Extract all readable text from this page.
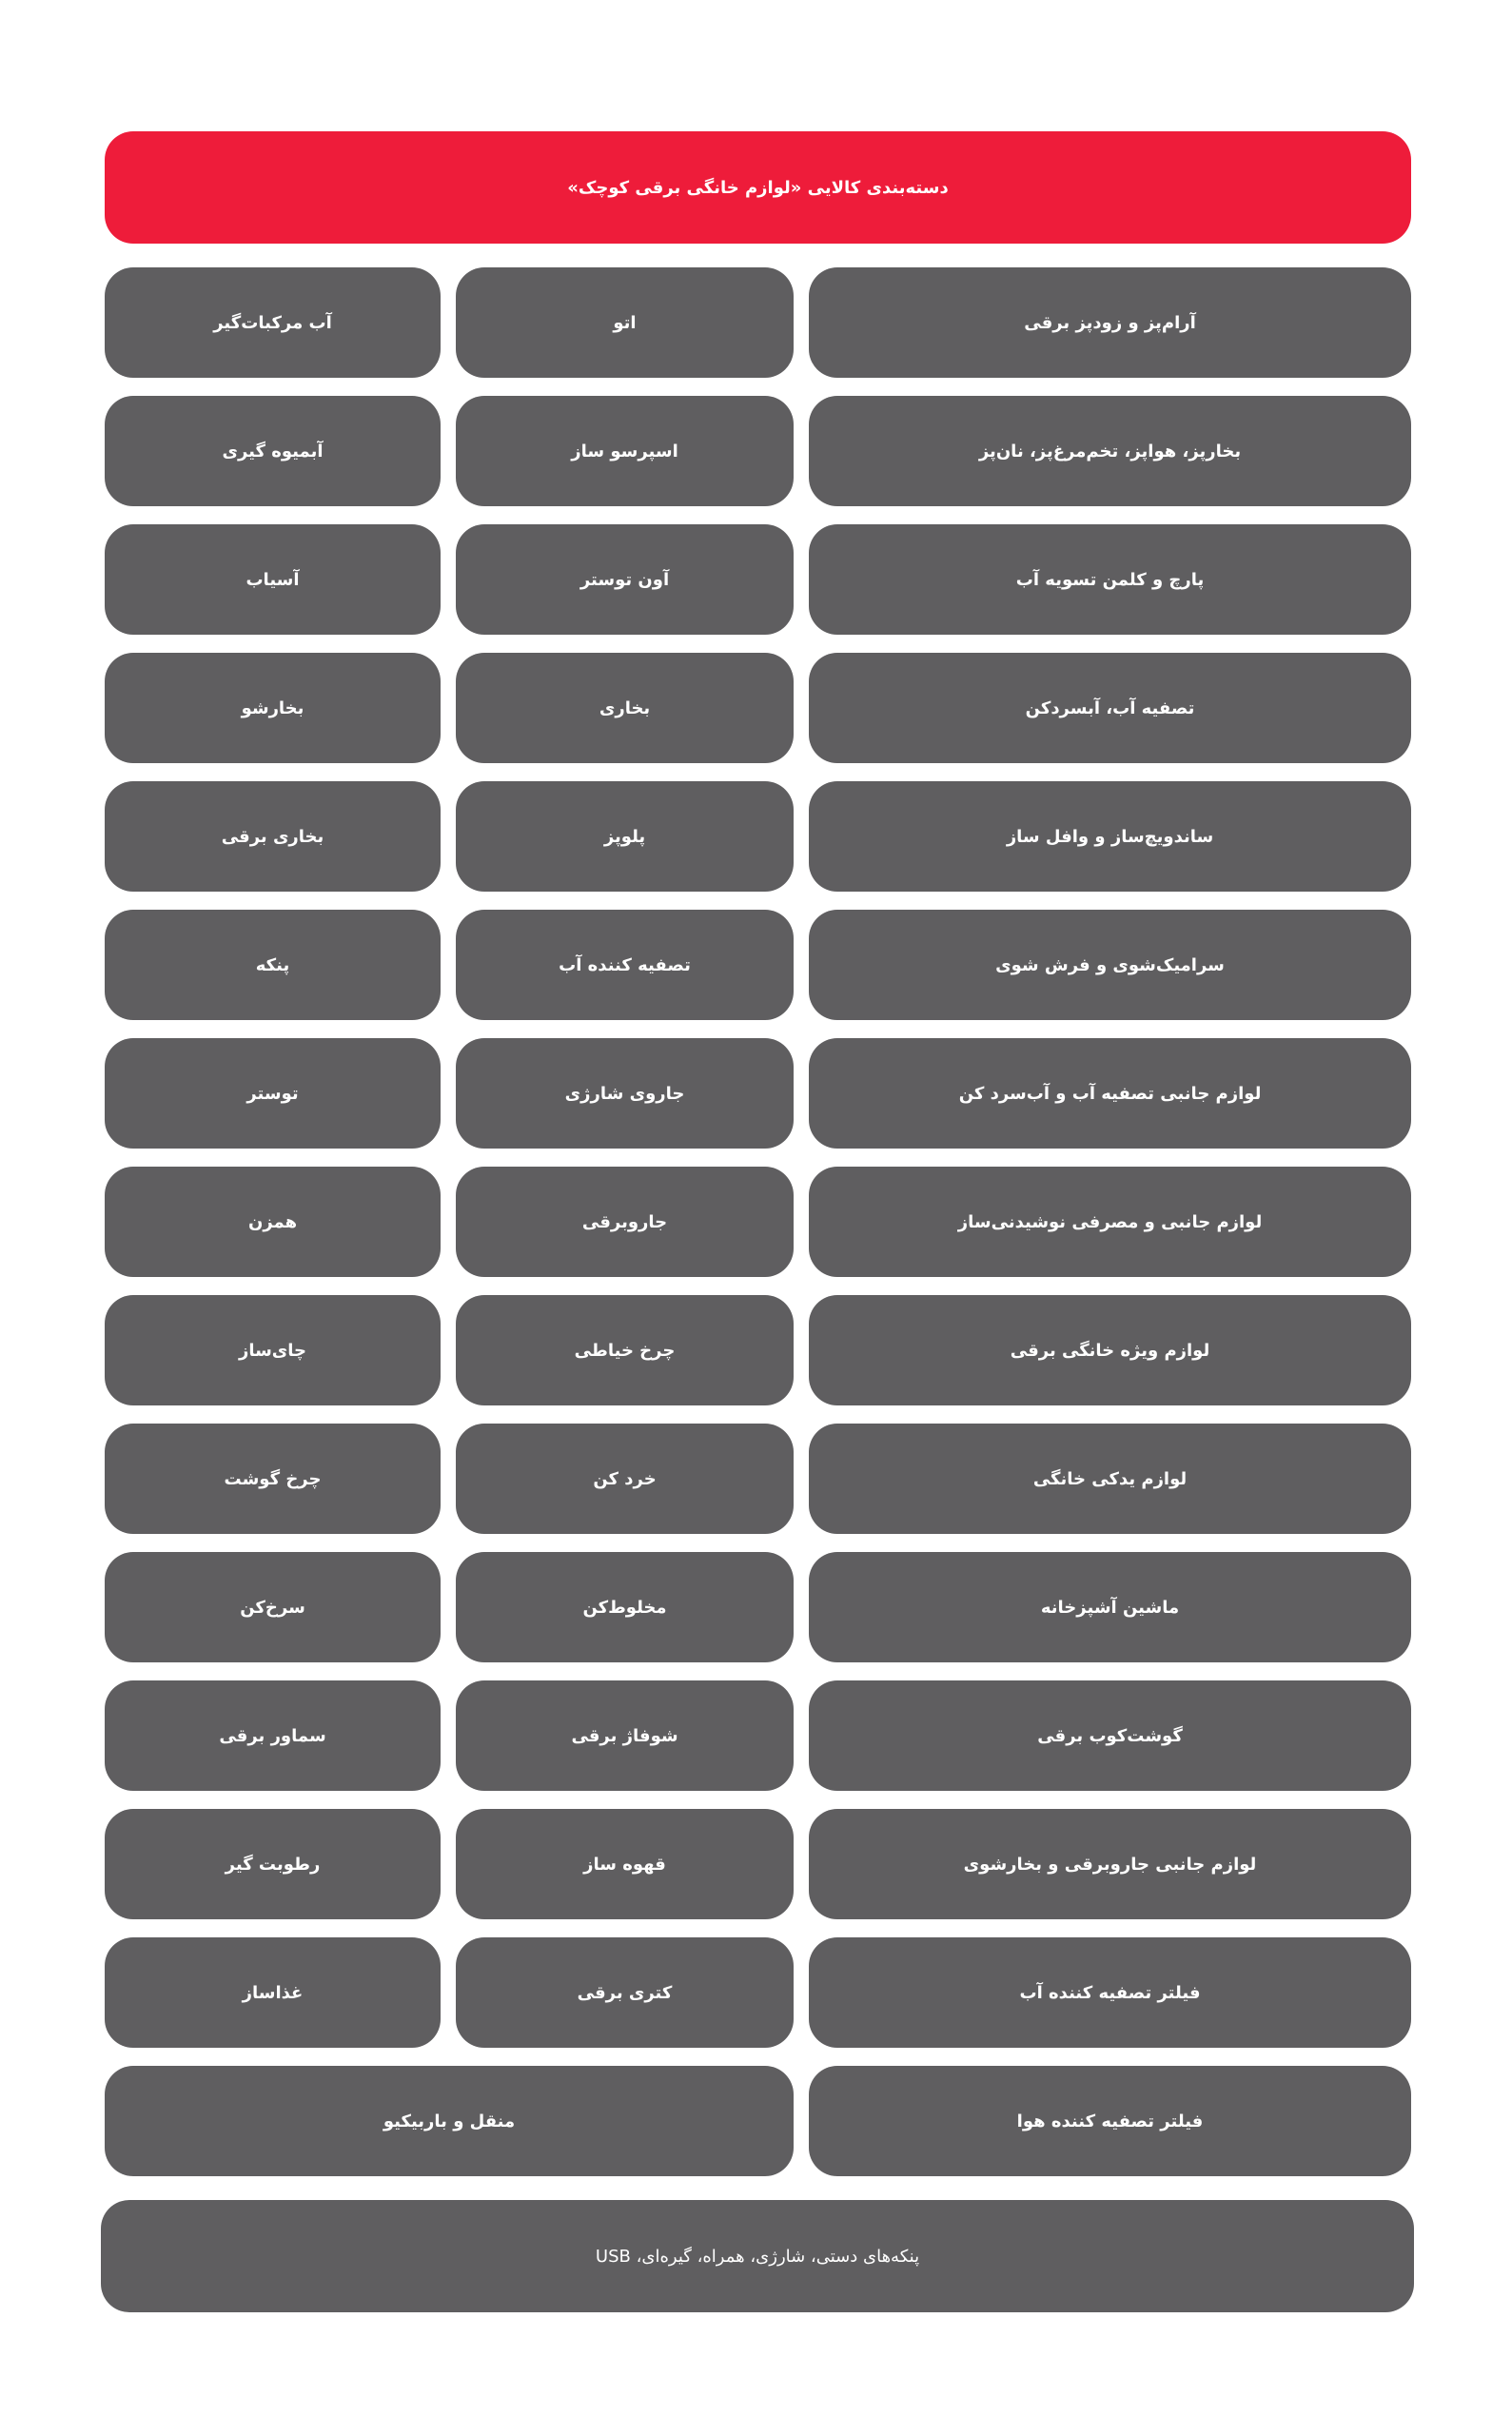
دسته‌بندی کالایی «لوازم خانگی برقی کوچک»
آرام‌پز و زودپز برقی
اتو
آب مرکبات‌گیر
بخارپز، هواپز، تخم‌مرغ‌پز، نان‌پز
اسپرسو ساز
آبمیوه گیری
پارچ و کلمن تسویه آب
آون توستر
آسیاب
تصفیه آب، آبسردکن
بخاری
بخارشو
ساندویچ‌ساز و وافل ساز
پلوپز
بخاری برقی
سرامیک‌شوی و فرش شوی
تصفیه کننده آب
پنکه
لوازم جانبی تصفیه آب و آب‌سرد کن
جاروی شارژی
توستر
لوازم جانبی و مصرفی نوشیدنی‌ساز
جاروبرقی
همزن
لوازم ویژه خانگی برقی
چرخ خیاطی
چای‌ساز
لوازم یدکی خانگی
خرد کن
چرخ گوشت
ماشین آشپزخانه
مخلوط‌کن
سرخ‌کن
گوشت‌کوب برقی
شوفاژ برقی
سماور برقی
لوازم جانبی جاروبرقی و بخارشوی
قهوه ساز
رطوبت گیر
فیلتر تصفیه کننده آب
کتری برقی
غذاساز
فیلتر تصفیه کننده هوا
منقل و باربیکیو
پنکه‌های دستی، شارژی، همراه، گیره‌ای، USB
